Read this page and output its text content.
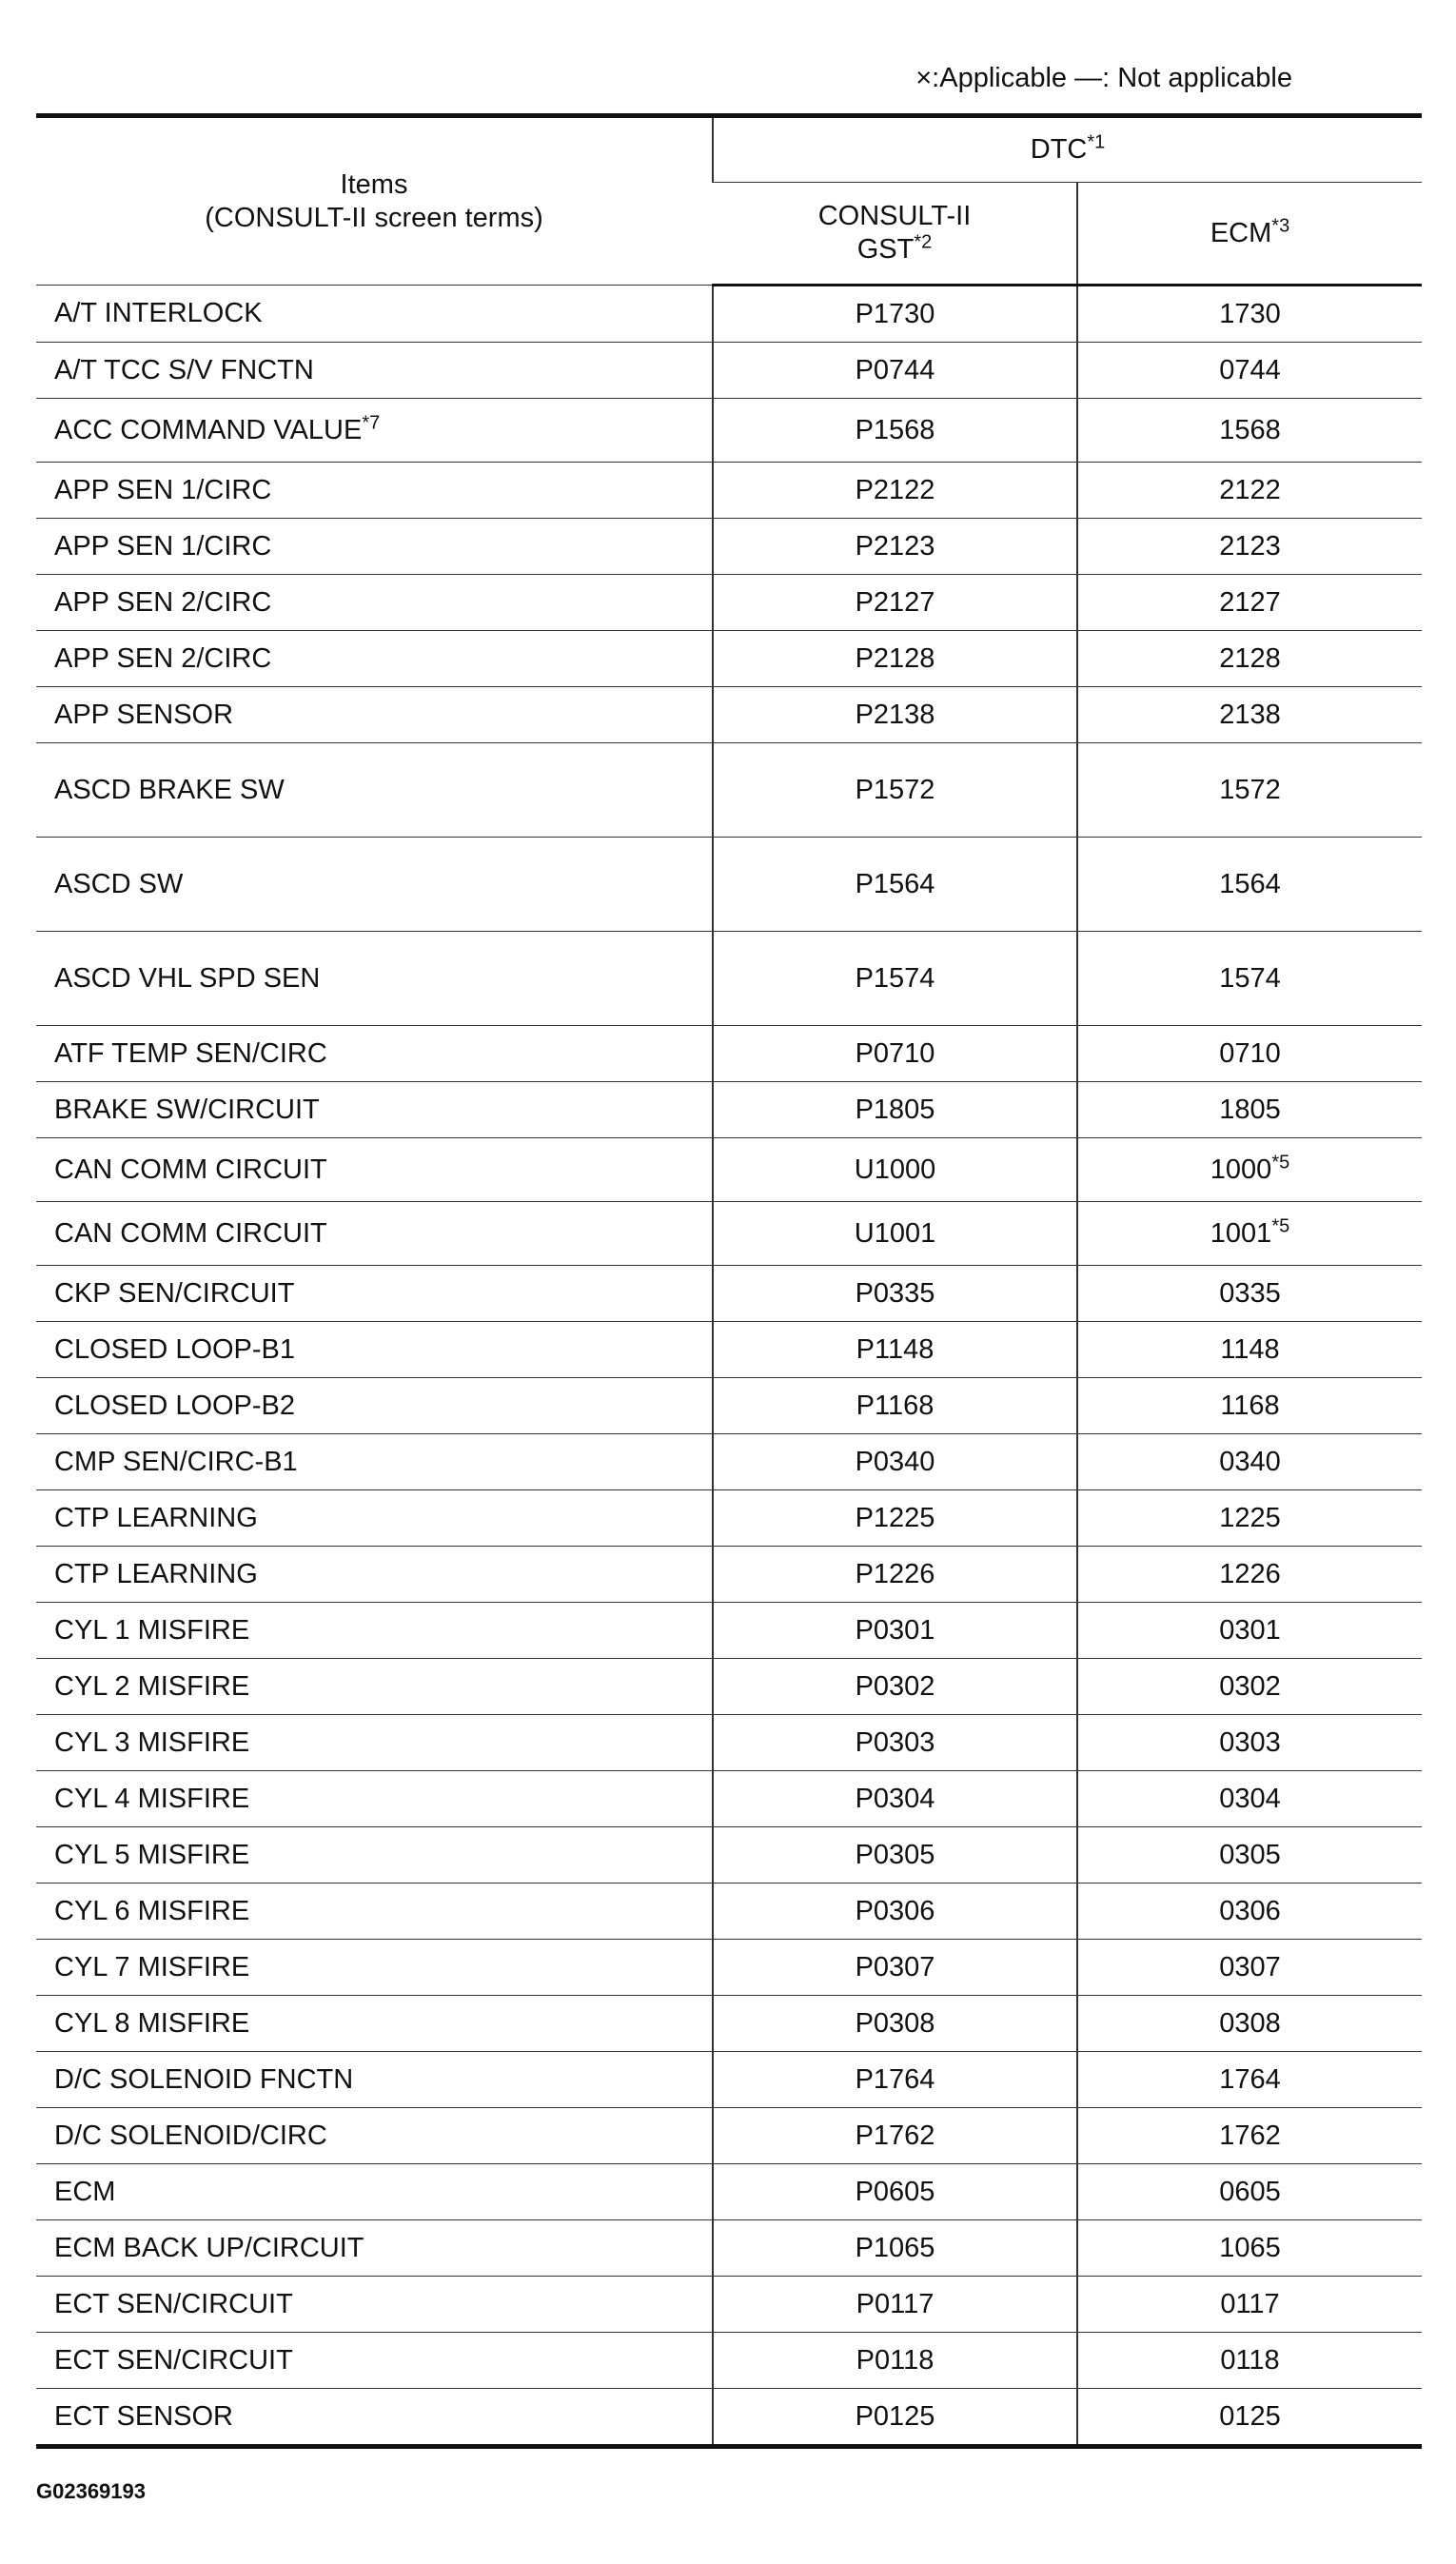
×:Applicable —: Not applicable
Items
(CONSULT-II screen terms)	DTC$^{*1}$

	CONSULT-II
GST$^{*2}$	ECM$^{*3}$
A/T INTERLOCK	P1730	1730
A/T TCC S/V FNCTN	P0744	0744
ACC COMMAND VALUE$^{*7}$	P1568	1568
APP SEN 1/CIRC	P2122	2122
APP SEN 1/CIRC	P2123	2123
APP SEN 2/CIRC	P2127	2127
APP SEN 2/CIRC	P2128	2128
APP SENSOR	P2138	2138
ASCD BRAKE SW	P1572	1572
ASCD SW	P1564	1564
ASCD VHL SPD SEN	P1574	1574
ATF TEMP SEN/CIRC	P0710	0710
BRAKE SW/CIRCUIT	P1805	1805
CAN COMM CIRCUIT	U1000	1000$^{*5}$
CAN COMM CIRCUIT	U1001	1001$^{*5}$
CKP SEN/CIRCUIT	P0335	0335
CLOSED LOOP-B1	P1148	1148
CLOSED LOOP-B2	P1168	1168
CMP SEN/CIRC-B1	P0340	0340
CTP LEARNING	P1225	1225
CTP LEARNING	P1226	1226
CYL 1 MISFIRE	P0301	0301
CYL 2 MISFIRE	P0302	0302
CYL 3 MISFIRE	P0303	0303
CYL 4 MISFIRE	P0304	0304
CYL 5 MISFIRE	P0305	0305
CYL 6 MISFIRE	P0306	0306
CYL 7 MISFIRE	P0307	0307
CYL 8 MISFIRE	P0308	0308
D/C SOLENOID FNCTN	P1764	1764
D/C SOLENOID/CIRC	P1762	1762
ECM	P0605	0605
ECM BACK UP/CIRCUIT	P1065	1065
ECT SEN/CIRCUIT	P0117	0117
ECT SEN/CIRCUIT	P0118	0118
ECT SENSOR	P0125	0125
G02369193
